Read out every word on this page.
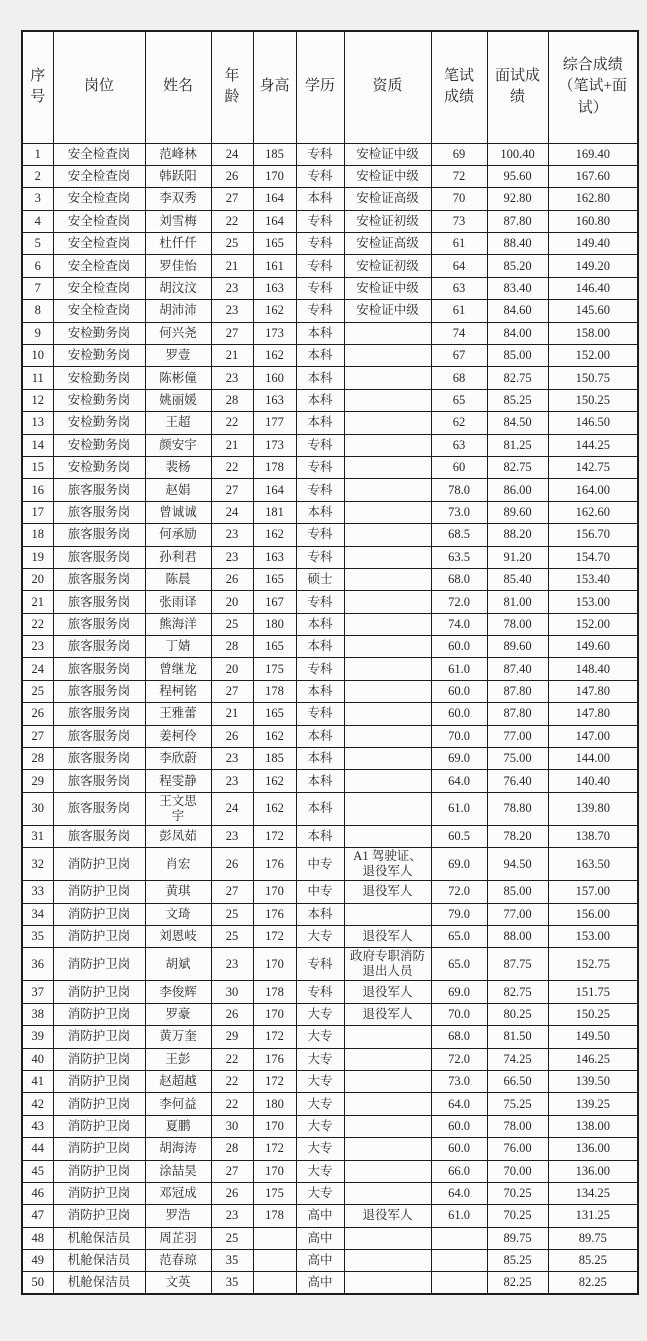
序号	岗位	姓名	年龄	身高	学历	资质	笔试成绩	面试成绩	综合成绩（笔试+面试）
1	安全检查岗	范峰林	24	185	专科	安检证中级	69	100.40	169.40
2	安全检查岗	韩跃阳	26	170	专科	安检证中级	72	95.60	167.60
3	安全检查岗	李双秀	27	164	本科	安检证高级	70	92.80	162.80
4	安全检查岗	刘雪梅	22	164	专科	安检证初级	73	87.80	160.80
5	安全检查岗	杜仟仟	25	165	专科	安检证高级	61	88.40	149.40
6	安全检查岗	罗佳怡	21	161	专科	安检证初级	64	85.20	149.20
7	安全检查岗	胡汶汶	23	163	专科	安检证中级	63	83.40	146.40
8	安全检查岗	胡沛沛	23	162	专科	安检证中级	61	84.60	145.60
9	安检勤务岗	何兴尧	27	173	本科		74	84.00	158.00
10	安检勤务岗	罗壹	21	162	本科		67	85.00	152.00
11	安检勤务岗	陈彬僮	23	160	本科		68	82.75	150.75
12	安检勤务岗	姚丽媛	28	163	本科		65	85.25	150.25
13	安检勤务岗	王超	22	177	本科		62	84.50	146.50
14	安检勤务岗	颜安宇	21	173	专科		63	81.25	144.25
15	安检勤务岗	裴杨	22	178	专科		60	82.75	142.75
16	旅客服务岗	赵娟	27	164	专科		78.0	86.00	164.00
17	旅客服务岗	曾诚诚	24	181	本科		73.0	89.60	162.60
18	旅客服务岗	何承励	23	162	专科		68.5	88.20	156.70
19	旅客服务岗	孙利君	23	163	专科		63.5	91.20	154.70
20	旅客服务岗	陈晨	26	165	硕士		68.0	85.40	153.40
21	旅客服务岗	张雨译	20	167	专科		72.0	81.00	153.00
22	旅客服务岗	熊海洋	25	180	本科		74.0	78.00	152.00
23	旅客服务岗	丁婧	28	165	本科		60.0	89.60	149.60
24	旅客服务岗	曾继龙	20	175	专科		61.0	87.40	148.40
25	旅客服务岗	程柯铭	27	178	本科		60.0	87.80	147.80
26	旅客服务岗	王雅蕾	21	165	专科		60.0	87.80	147.80
27	旅客服务岗	姜柯伶	26	162	本科		70.0	77.00	147.00
28	旅客服务岗	李欣蔚	23	185	本科		69.0	75.00	144.00
29	旅客服务岗	程雯静	23	162	本科		64.0	76.40	140.40
30	旅客服务岗	王文思宇	24	162	本科		61.0	78.80	139.80
31	旅客服务岗	彭凤茹	23	172	本科		60.5	78.20	138.70
32	消防护卫岗	肖宏	26	176	中专	A1 驾驶证、退役军人	69.0	94.50	163.50
33	消防护卫岗	黄琪	27	170	中专	退役军人	72.0	85.00	157.00
34	消防护卫岗	文琦	25	176	本科		79.0	77.00	156.00
35	消防护卫岗	刘恩岐	25	172	大专	退役军人	65.0	88.00	153.00
36	消防护卫岗	胡斌	23	170	专科	政府专职消防退出人员	65.0	87.75	152.75
37	消防护卫岗	李俊辉	30	178	专科	退役军人	69.0	82.75	151.75
38	消防护卫岗	罗豪	26	170	大专	退役军人	70.0	80.25	150.25
39	消防护卫岗	黄万奎	29	172	大专		68.0	81.50	149.50
40	消防护卫岗	王彭	22	176	大专		72.0	74.25	146.25
41	消防护卫岗	赵超越	22	172	大专		73.0	66.50	139.50
42	消防护卫岗	李何益	22	180	大专		64.0	75.25	139.25
43	消防护卫岗	夏鹏	30	170	大专		60.0	78.00	138.00
44	消防护卫岗	胡海涛	28	172	大专		60.0	76.00	136.00
45	消防护卫岗	涂喆昊	27	170	大专		66.0	70.00	136.00
46	消防护卫岗	邓冠成	26	175	大专		64.0	70.25	134.25
47	消防护卫岗	罗浩	23	178	高中	退役军人	61.0	70.25	131.25
48	机舱保洁员	周芷羽	25		高中			89.75	89.75
49	机舱保洁员	范春琼	35		高中			85.25	85.25
50	机舱保洁员	文英	35		高中			82.25	82.25
